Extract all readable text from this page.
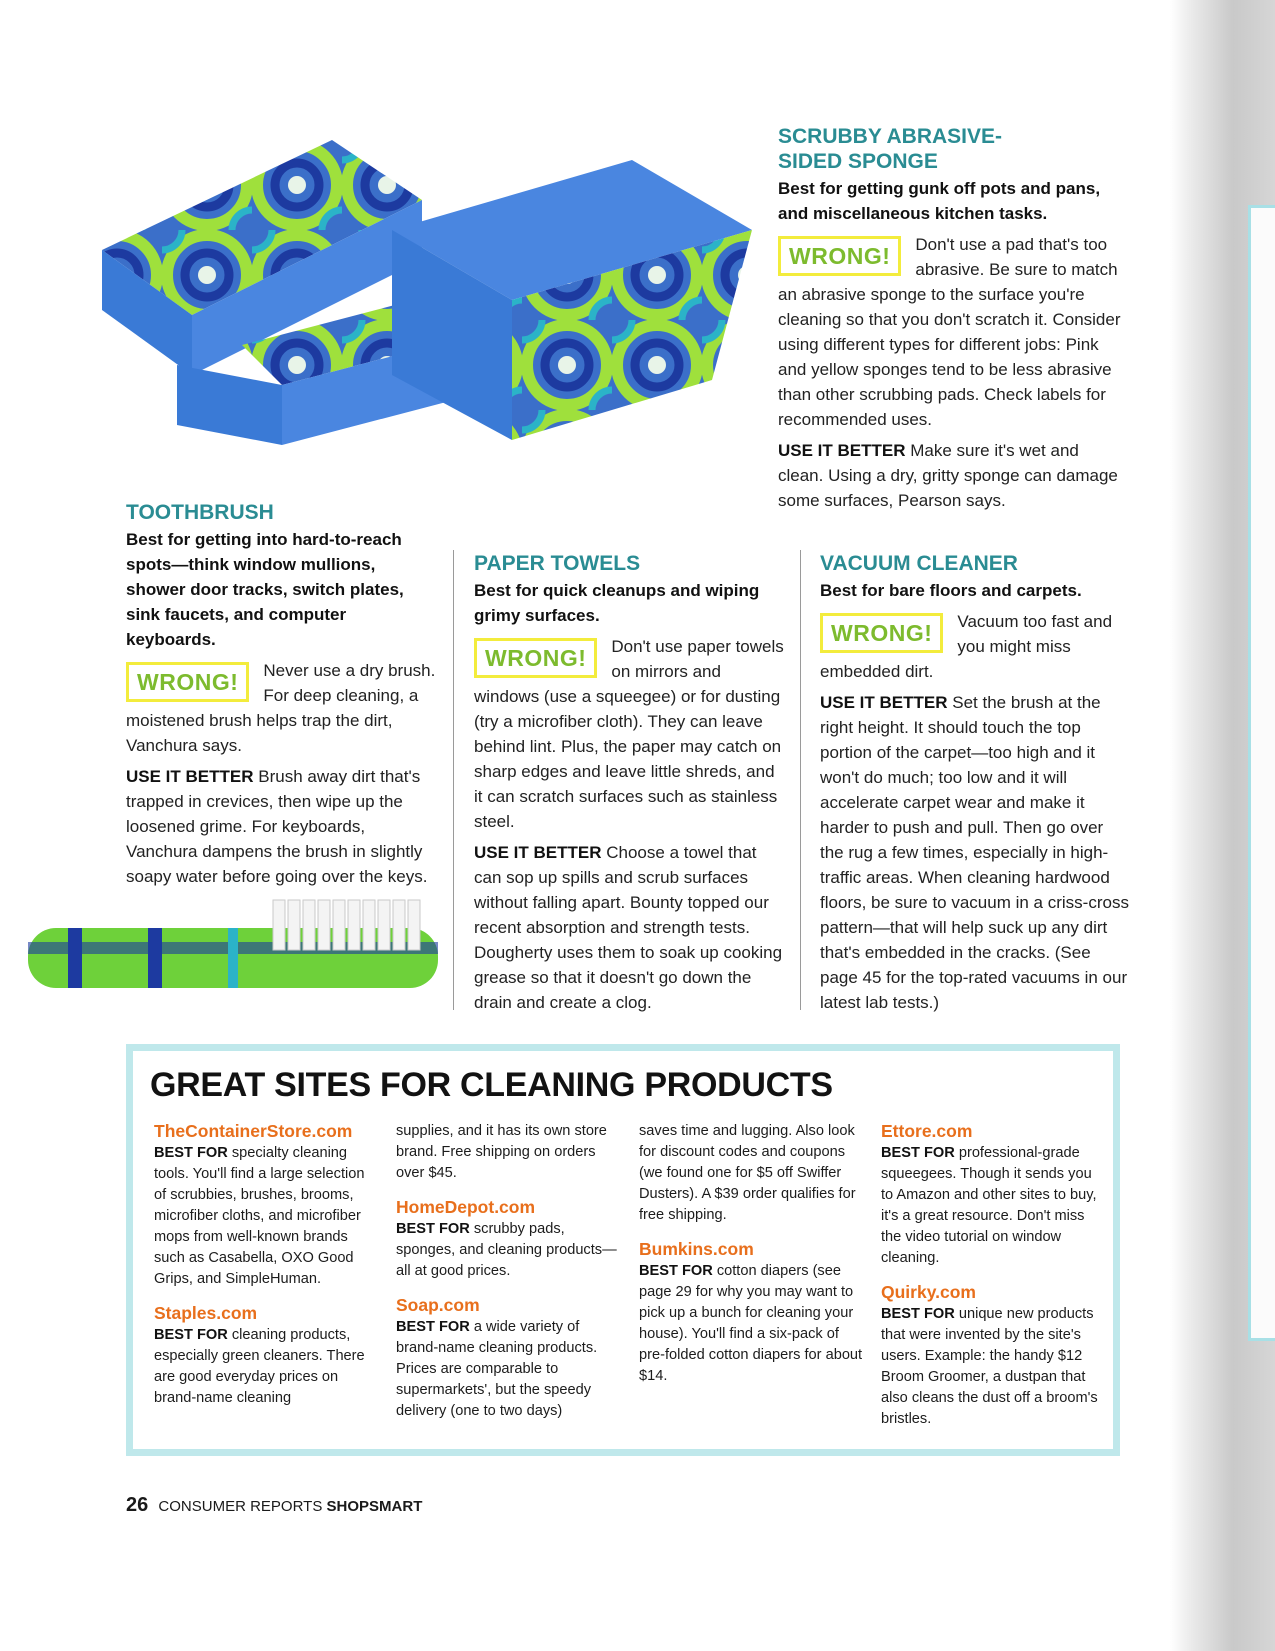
SCRUBBY ABRASIVE- SIDED SPONGE

Best for getting gunk off pots and pans, and miscellaneous kitchen tasks.

WRONG!	Don't use a pad that's too abrasive. Be sure to match an abrasive sponge to the surface you're cleaning so that you don't scratch it. Consider using different types for different jobs: Pink and yellow sponges tend to be less abrasive than other scrubbing pads. Check labels for recommended uses.

USE IT BETTER Make sure it's wet and clean. Using a dry, gritty sponge can damage some surfaces, Pearson says.

TOOTHBRUSH

Best for getting into hard-to-reach spots—think window mullions, shower door tracks, switch plates, sink faucets, and computer keyboards.

WRONG!	Never use a dry brush. For deep cleaning, a moistened brush helps trap the dirt, Vanchura says.

USE IT BETTER Brush away dirt that's trapped in crevices, then wipe up the loosened grime. For keyboards, Vanchura dampens the brush in slightly soapy water before going over the keys.

PAPER TOWELS

Best for quick cleanups and wiping grimy surfaces.

WRONG!	Don't use paper towels on mirrors and windows (use a squeegee) or for dusting (try a microfiber cloth). They can leave behind lint. Plus, the paper may catch on sharp edges and leave little shreds, and it can scratch surfaces such as stainless steel.

USE IT BETTER Choose a towel that can sop up spills and scrub surfaces without falling apart. Bounty topped our recent absorption and strength tests. Dougherty uses them to soak up cooking grease so that it doesn't go down the drain and create a clog.

VACUUM CLEANER

Best for bare floors and carpets.

WRONG!	Vacuum too fast and you might miss embedded dirt.

USE IT BETTER Set the brush at the right height. It should touch the top portion of the carpet—too high and it won't do much; too low and it will accelerate carpet wear and make it harder to push and pull. Then go over the rug a few times, especially in high-traffic areas. When cleaning hardwood floors, be sure to vacuum in a criss-cross pattern—that will help suck up any dirt that's embedded in the cracks. (See page 45 for the top-rated vacuums in our latest lab tests.)

GREAT SITES FOR CLEANING PRODUCTS
TheContainerStore.com

BEST FOR specialty cleaning tools. You'll find a large selection of scrubbies, brushes, brooms, microfiber cloths, and microfiber mops from well-known brands such as Casabella, OXO Good Grips, and SimpleHuman.

Staples.com

BEST FOR cleaning products, especially green cleaners. There are good everyday prices on brand-name cleaning

supplies, and it has its own store brand. Free shipping on orders over $45.

HomeDepot.com

BEST FOR scrubby pads, sponges, and cleaning products—all at good prices.

Soap.com

BEST FOR a wide variety of brand-name cleaning products. Prices are comparable to supermarkets', but the speedy delivery (one to two days)

saves time and lugging. Also look for discount codes and coupons (we found one for $5 off Swiffer Dusters). A $39 order qualifies for free shipping.

Bumkins.com

BEST FOR cotton diapers (see page 29 for why you may want to pick up a bunch for cleaning your house). You'll find a six-pack of pre-folded cotton diapers for about $14.

Ettore.com

BEST FOR professional-grade squeegees. Though it sends you to Amazon and other sites to buy, it's a great resource. Don't miss the video tutorial on window cleaning.

Quirky.com

BEST FOR unique new products that were invented by the site's users. Example: the handy $12 Broom Groomer, a dustpan that also cleans the dust off a broom's bristles.

26 CONSUMER REPORTS SHOPSMART
